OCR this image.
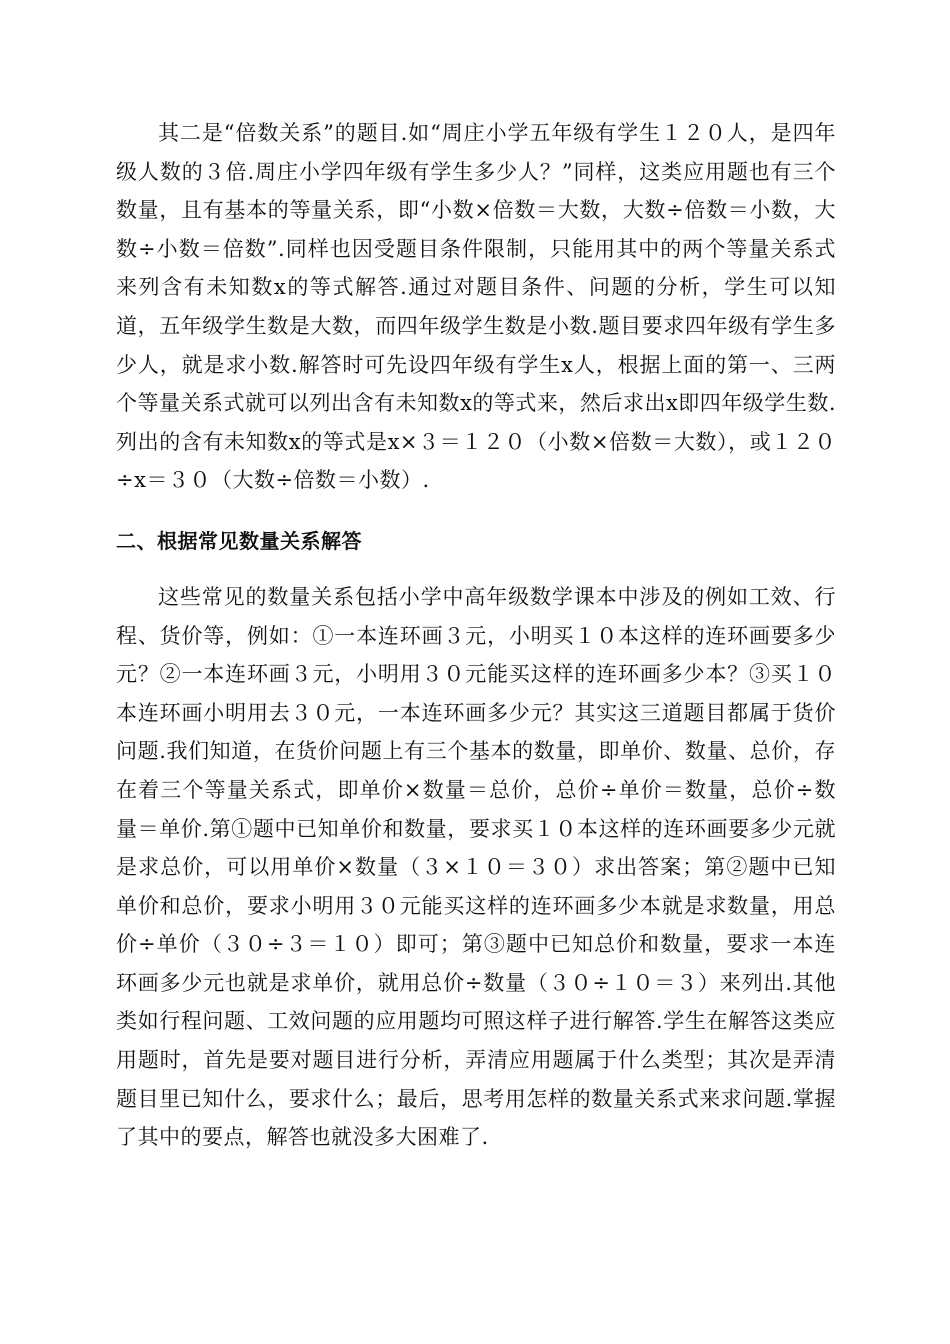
其二是“倍数关系”的题目.如“周庄小学五年级有学生１２０人，是四年级人数的３倍.周庄小学四年级有学生多少人？”同样，这类应用题也有三个数量，且有基本的等量关系，即“小数×倍数＝大数，大数÷倍数＝小数，大数÷小数＝倍数”.同样也因受题目条件限制，只能用其中的两个等量关系式来列含有未知数x的等式解答.通过对题目条件、问题的分析，学生可以知道，五年级学生数是大数，而四年级学生数是小数.题目要求四年级有学生多少人，就是求小数.解答时可先设四年级有学生x人，根据上面的第一、三两个等量关系式就可以列出含有未知数x的等式来，然后求出x即四年级学生数.列出的含有未知数x的等式是x×３＝１２０（小数×倍数＝大数），或１２０÷x＝３０（大数÷倍数＝小数）.

二、根据常见数量关系解答

这些常见的数量关系包括小学中高年级数学课本中涉及的例如工效、行程、货价等，例如：①一本连环画３元，小明买１０本这样的连环画要多少元？②一本连环画３元，小明用３０元能买这样的连环画多少本？③买１０本连环画小明用去３０元，一本连环画多少元？其实这三道题目都属于货价问题.我们知道，在货价问题上有三个基本的数量，即单价、数量、总价，存在着三个等量关系式，即单价×数量＝总价，总价÷单价＝数量，总价÷数量＝单价.第①题中已知单价和数量，要求买１０本这样的连环画要多少元就是求总价，可以用单价×数量（３×１０＝３０）求出答案；第②题中已知单价和总价，要求小明用３０元能买这样的连环画多少本就是求数量，用总价÷单价（３０÷３＝１０）即可；第③题中已知总价和数量，要求一本连环画多少元也就是求单价，就用总价÷数量（３０÷１０＝３）来列出.其他类如行程问题、工效问题的应用题均可照这样子进行解答.学生在解答这类应用题时，首先是要对题目进行分析，弄清应用题属于什么类型；其次是弄清题目里已知什么，要求什么；最后，思考用怎样的数量关系式来求问题.掌握了其中的要点，解答也就没多大困难了.
